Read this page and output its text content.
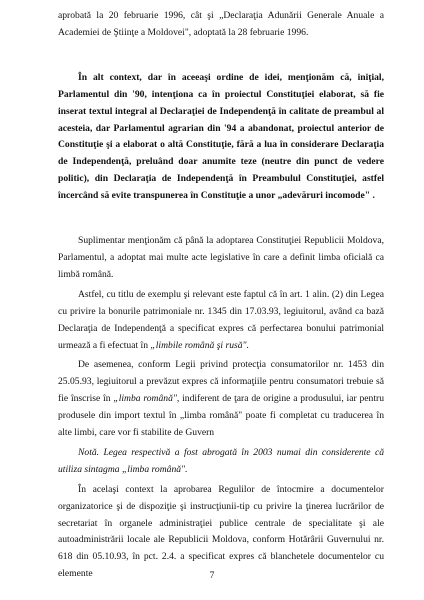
aprobată la 20 februarie 1996, cât şi „Declaraţia Adunării Generale Anuale a Academiei de Ştiinţe a Moldovei", adoptată la 28 februarie 1996.

În alt context, dar în aceeaşi ordine de idei, menţionăm că, iniţial, Parlamentul din '90, intenţiona ca în proiectul Constituţiei elaborat, să fie inserat textul integral al Declaraţiei de Independenţă în calitate de preambul al acesteia, dar Parlamentul agrarian din '94 a abandonat, proiectul anterior de Constituţie şi a elaborat o altă Constituţie, fără a lua în considerare Declaraţia de Independenţă, preluând doar anumite teze (neutre din punct de vedere politic), din Declaraţia de Independenţă în Preambulul Constituţiei, astfel încercând să evite transpunerea în Constituţie a unor „adevăruri incomode" .

Suplimentar menţionăm că până la adoptarea Constituţiei Republicii Moldova, Parlamentul, a adoptat mai multe acte legislative în care a definit limba oficială ca limbă română.

Astfel, cu titlu de exemplu şi relevant este faptul că în art. 1 alin. (2) din Legea cu privire la bonurile patrimoniale nr. 1345 din 17.03.93, legiuitorul, având ca bază Declaraţia de Independenţă a specificat expres că perfectarea bonului patrimonial urmează a fi efectuat în „limbile română şi rusă".

De asemenea, conform Legii privind protecţia consumatorilor nr. 1453 din 25.05.93, legiuitorul a prevăzut expres că informaţiile pentru consumatori trebuie să fie înscrise în „limba română", indiferent de ţara de origine a produsului, iar pentru produsele din import textul în „limba română" poate fi completat cu traducerea în alte limbi, care vor fi stabilite de Guvern

Notă. Legea respectivă a fost abrogată în 2003 numai din considerente că utiliza sintagma „limba română".

În acelaşi context la aprobarea Regulilor de întocmire a documentelor organizatorice şi de dispoziţie şi instrucţiunii-tip cu privire la ţinerea lucrărilor de secretariat în organele administraţiei publice centrale de specialitate şi ale autoadministrării locale ale Republicii Moldova, conform Hotărârii Guvernului nr. 618 din 05.10.93, în pct. 2.4. a specificat expres că blanchetele documentelor cu elemente	7
